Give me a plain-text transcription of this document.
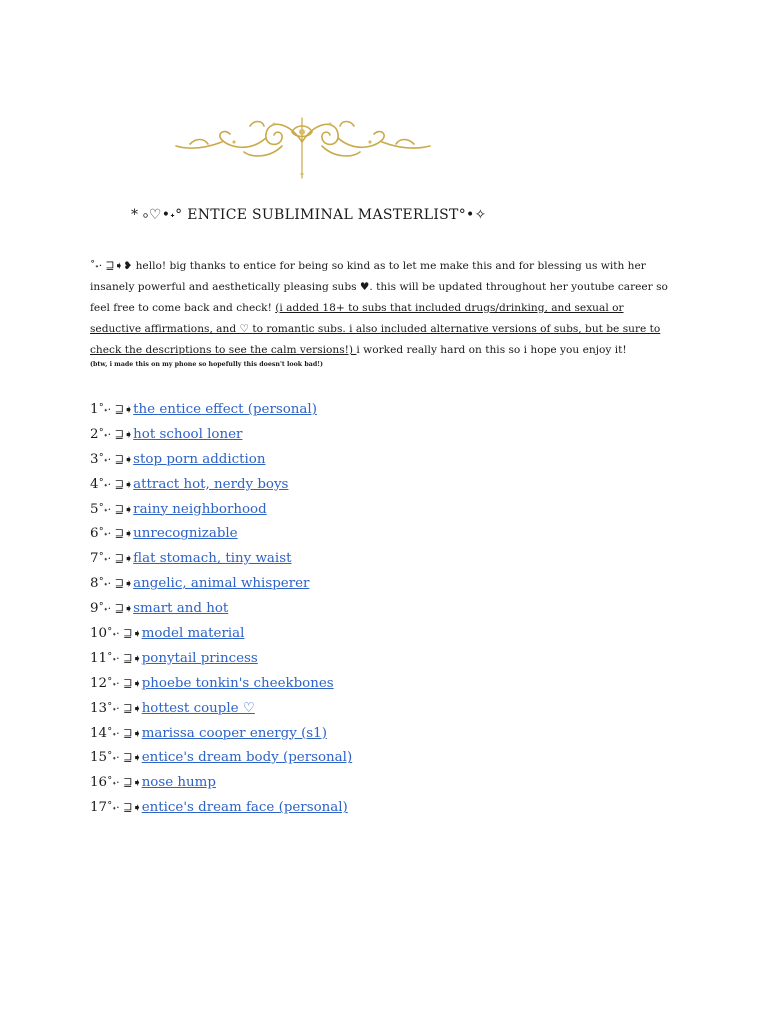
* ৹♡•˖° ENTICE SUBLIMINAL MASTERLIST°•✧
˚˖· ⊒➧❥ hello! big thanks to entice for being so kind as to let me make this and for blessing us with her insanely powerful and aesthetically pleasing subs ♥. this will be updated throughout her youtube career so feel free to come back and check! (i added 18+ to subs that included drugs/drinking, and sexual or seductive affirmations, and ♡ to romantic subs. i also included alternative versions of subs, but be sure to check the descriptions to see the calm versions!) i worked really hard on this so i hope you enjoy it!
(btw, i made this on my phone so hopefully this doesn't look bad!)
1˚˖· ⊒➧the entice effect (personal)
2˚˖· ⊒➧hot school loner
3˚˖· ⊒➧stop porn addiction
4˚˖· ⊒➧attract hot, nerdy boys
5˚˖· ⊒➧rainy neighborhood
6˚˖· ⊒➧unrecognizable
7˚˖· ⊒➧flat stomach, tiny waist
8˚˖· ⊒➧angelic, animal whisperer
9˚˖· ⊒➧smart and hot
10˚˖· ⊒➧model material
11˚˖· ⊒➧ponytail princess
12˚˖· ⊒➧phoebe tonkin's cheekbones
13˚˖· ⊒➧hottest couple ♡
14˚˖· ⊒➧marissa cooper energy (s1)
15˚˖· ⊒➧entice's dream body (personal)
16˚˖· ⊒➧nose hump
17˚˖· ⊒➧entice's dream face (personal)
